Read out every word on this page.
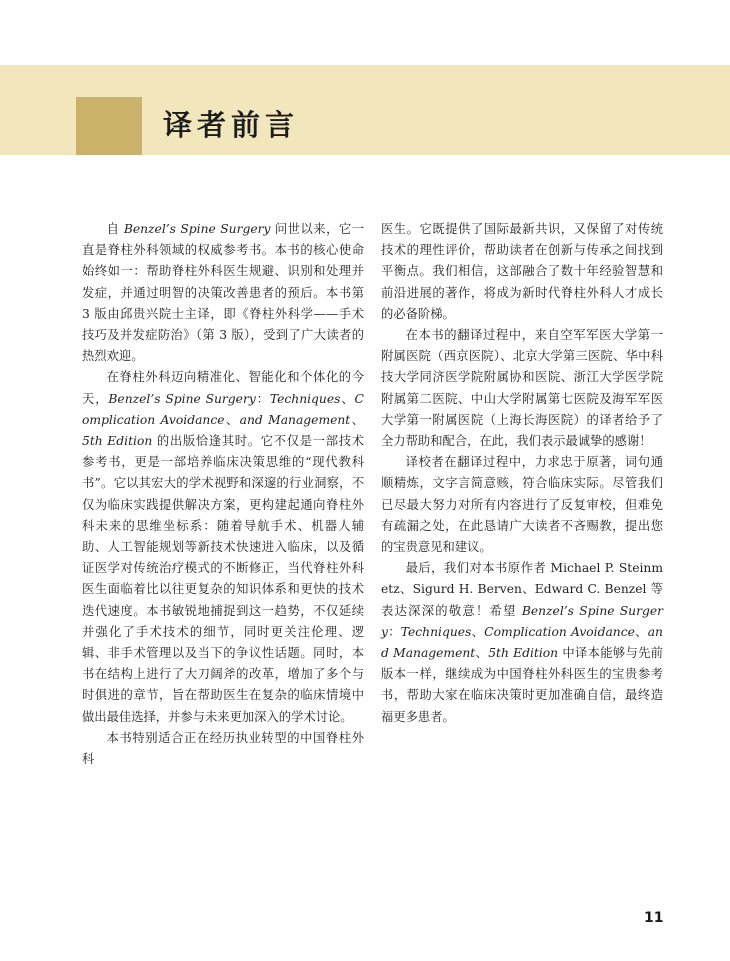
译者前言

自 Benzel’s Spine Surgery 问世以来，它一直是脊柱外科领域的权威参考书。本书的核心使命始终如一：帮助脊柱外科医生规避、识别和处理并发症，并通过明智的决策改善患者的预后。本书第 3 版由邱贵兴院士主译，即《脊柱外科学——手术技巧及并发症防治》（第 3 版），受到了广大读者的热烈欢迎。

在脊柱外科迈向精准化、智能化和个体化的今天，Benzel’s Spine Surgery：Techniques、Complication Avoidance、and Management、5th Edition 的出版恰逢其时。它不仅是一部技术参考书，更是一部培养临床决策思维的“现代教科书”。它以其宏大的学术视野和深邃的行业洞察，不仅为临床实践提供解决方案，更构建起通向脊柱外科未来的思维坐标系：随着导航手术、机器人辅助、人工智能规划等新技术快速进入临床，以及循证医学对传统治疗模式的不断修正，当代脊柱外科医生面临着比以往更复杂的知识体系和更快的技术迭代速度。本书敏锐地捕捉到这一趋势，不仅延续并强化了手术技术的细节，同时更关注伦理、逻辑、非手术管理以及当下的争议性话题。同时，本书在结构上进行了大刀阔斧的改革，增加了多个与时俱进的章节，旨在帮助医生在复杂的临床情境中做出最佳选择，并参与未来更加深入的学术讨论。

本书特别适合正在经历执业转型的中国脊柱外科

医生。它既提供了国际最新共识，又保留了对传统技术的理性评价，帮助读者在创新与传承之间找到平衡点。我们相信，这部融合了数十年经验智慧和前沿进展的著作，将成为新时代脊柱外科人才成长的必备阶梯。

在本书的翻译过程中，来自空军军医大学第一附属医院（西京医院）、北京大学第三医院、华中科技大学同济医学院附属协和医院、浙江大学医学院附属第二医院、中山大学附属第七医院及海军军医大学第一附属医院（上海长海医院）的译者给予了全力帮助和配合，在此，我们表示最诚挚的感谢！

译校者在翻译过程中，力求忠于原著，词句通顺精炼，文字言简意赅，符合临床实际。尽管我们已尽最大努力对所有内容进行了反复审校，但难免有疏漏之处，在此恳请广大读者不吝赐教，提出您的宝贵意见和建议。

最后，我们对本书原作者 Michael P. Steinmetz、Sigurd H. Berven、Edward C. Benzel 等表达深深的敬意！希望 Benzel’s Spine Surgery：Techniques、Complication Avoidance、and Management、5th Edition 中译本能够与先前版本一样，继续成为中国脊柱外科医生的宝贵参考书，帮助大家在临床决策时更加准确自信，最终造福更多患者。

11
